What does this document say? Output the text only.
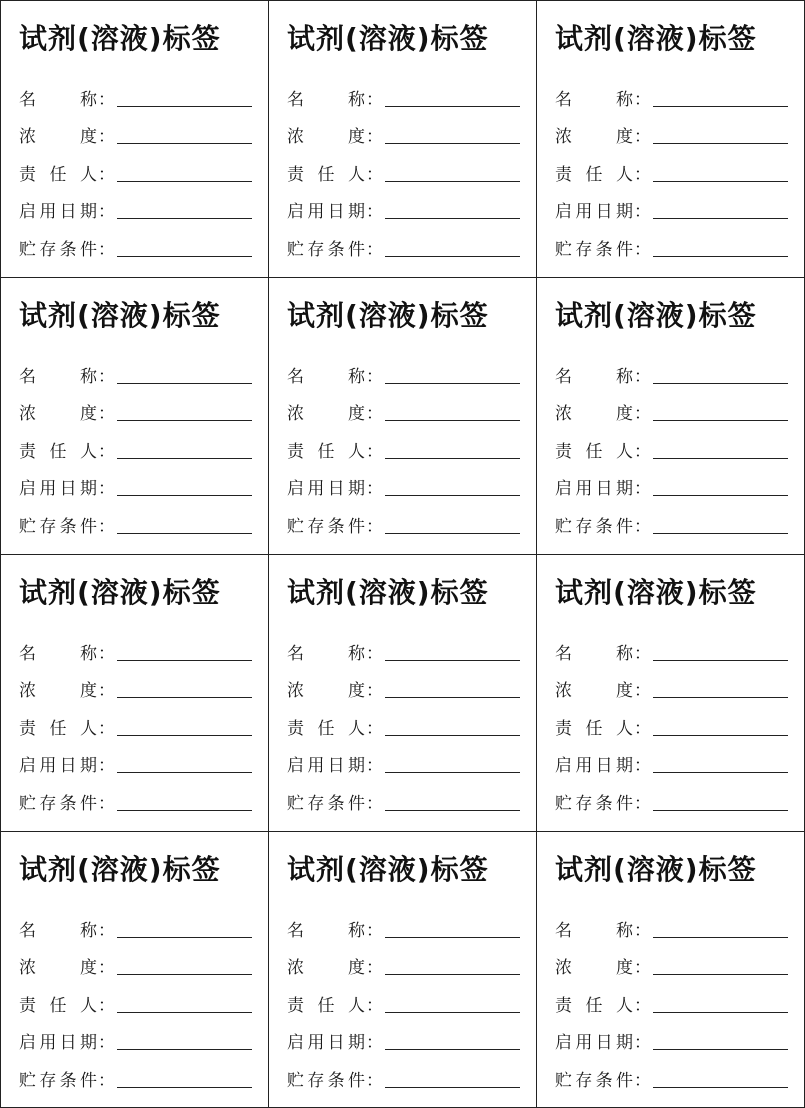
试剂(溶液)标签
名	称 ：
浓	度 ：
责 任 人 ：
启 用 日 期 ：
贮 存 条 件 ：
试剂(溶液)标签
名	称 ：
浓	度 ：
责 任 人 ：
启 用 日 期 ：
贮 存 条 件 ：
试剂(溶液)标签
名	称 ：
浓	度 ：
责 任 人 ：
启 用 日 期 ：
贮 存 条 件 ：
试剂(溶液)标签
名	称 ：
浓	度 ：
责 任 人 ：
启 用 日 期 ：
贮 存 条 件 ：
试剂(溶液)标签
名	称 ：
浓	度 ：
责 任 人 ：
启 用 日 期 ：
贮 存 条 件 ：
试剂(溶液)标签
名	称 ：
浓	度 ：
责 任 人 ：
启 用 日 期 ：
贮 存 条 件 ：
试剂(溶液)标签
名	称 ：
浓	度 ：
责 任 人 ：
启 用 日 期 ：
贮 存 条 件 ：
试剂(溶液)标签
名	称 ：
浓	度 ：
责 任 人 ：
启 用 日 期 ：
贮 存 条 件 ：
试剂(溶液)标签
名	称 ：
浓	度 ：
责 任 人 ：
启 用 日 期 ：
贮 存 条 件 ：
试剂(溶液)标签
名	称 ：
浓	度 ：
责 任 人 ：
启 用 日 期 ：
贮 存 条 件 ：
试剂(溶液)标签
名	称 ：
浓	度 ：
责 任 人 ：
启 用 日 期 ：
贮 存 条 件 ：
试剂(溶液)标签
名	称 ：
浓	度 ：
责 任 人 ：
启 用 日 期 ：
贮 存 条 件 ：
